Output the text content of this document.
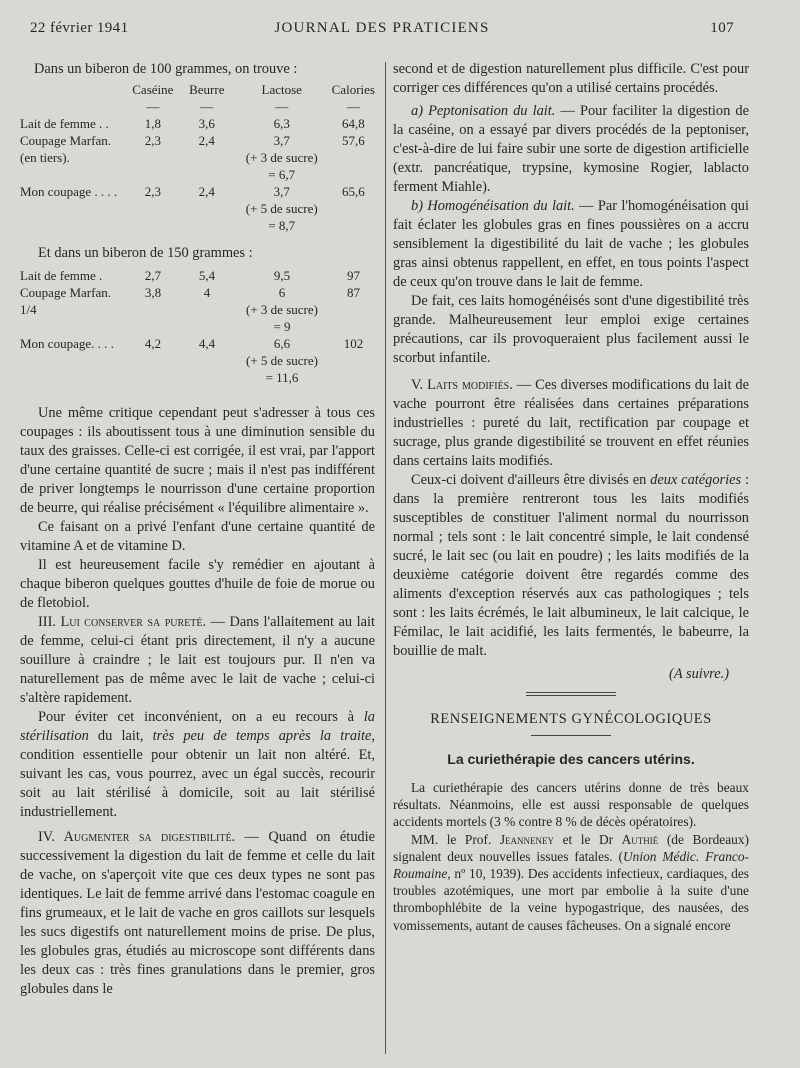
22 février 1941	JOURNAL DES PRATICIENS	107

Dans un biberon de 100 grammes, on trouve :

	Caséine	Beurre	Lactose	Calories
	—	—	—	—
Lait de femme . .	1,8	3,6	6,3	64,8
Coupage Marfan.	2,3	2,4	3,7	57,6
(en tiers).			(+ 3 de sucre)	
			= 6,7	
Mon coupage . . . .	2,3	2,4	3,7	65,6
			(+ 5 de sucre)	
			= 8,7	

Et dans un biberon de 150 grammes :

Lait de femme .	2,7	5,4	9,5	97
Coupage Marfan.	3,8	4	6	87
1/4			(+ 3 de sucre)	
			= 9	
Mon coupage. . . .	4,2	4,4	6,6	102
			(+ 5 de sucre)	
			= 11,6	

Une même critique cependant peut s'adresser à tous ces coupages : ils aboutissent tous à une diminution sensible du taux des graisses. Celle-ci est corrigée, il est vrai, par l'apport d'une certaine quantité de sucre ; mais il n'est pas indifférent de priver longtemps le nourrisson d'une certaine proportion de beurre, qui réalise précisément « l'équilibre alimentaire ».

Ce faisant on a privé l'enfant d'une certaine quantité de vitamine A et de vitamine D.

Il est heureusement facile s'y remédier en ajoutant à chaque biberon quelques gouttes d'huile de foie de morue ou de fletobiol.

III. Lui conserver sa pureté. — Dans l'allaitement au lait de femme, celui-ci étant pris directement, il n'y a aucune souillure à craindre ; le lait est toujours pur. Il n'en va naturellement pas de même avec le lait de vache ; celui-ci s'altère rapidement.

Pour éviter cet inconvénient, on a eu recours à la stérilisation du lait, très peu de temps après la traite, condition essentielle pour obtenir un lait non altéré. Et, suivant les cas, vous pourrez, avec un égal succès, recourir soit au lait stérilisé à domicile, soit au lait stérilisé industriellement.

IV. Augmenter sa digestibilité. — Quand on étudie successivement la digestion du lait de femme et celle du lait de vache, on s'aperçoit vite que ces deux types ne sont pas identiques. Le lait de femme arrivé dans l'estomac coagule en fins grumeaux, et le lait de vache en gros caillots sur lesquels les sucs digestifs ont naturellement moins de prise. De plus, les globules gras, étudiés au microscope sont différents dans les deux cas : très fines granulations dans le premier, gros globules dans le

second et de digestion naturellement plus difficile. C'est pour corriger ces différences qu'on a utilisé certains procédés.

a) Peptonisation du lait. — Pour faciliter la digestion de la caséine, on a essayé par divers procédés de la peptoniser, c'est-à-dire de lui faire subir une sorte de digestion artificielle (extr. pancréatique, trypsine, kymosine Rogier, lablacto ferment Miahle).

b) Homogénéisation du lait. — Par l'homogénéisation qui fait éclater les globules gras en fines poussières on a accru sensiblement la digestibilité du lait de vache ; les globules gras ainsi obtenus rappellent, en effet, en tous points l'aspect de ceux qu'on trouve dans le lait de femme.

De fait, ces laits homogénéisés sont d'une digestibilité très grande. Malheureusement leur emploi exige certaines précautions, car ils provoqueraient plus facilement aussi le scorbut infantile.

V. Laits modifiés. — Ces diverses modifications du lait de vache pourront être réalisées dans certaines préparations industrielles : pureté du lait, rectification par coupage et sucrage, plus grande digestibilité se trouvent en effet réunies dans certains laits modifiés.

Ceux-ci doivent d'ailleurs être divisés en deux catégories : dans la première rentreront tous les laits modifiés susceptibles de constituer l'aliment normal du nourrisson normal ; tels sont : le lait concentré simple, le lait condensé sucré, le lait sec (ou lait en poudre) ; les laits modifiés de la deuxième catégorie doivent être regardés comme des aliments d'exception réservés aux cas pathologiques ; tels sont : les laits écrémés, le lait albumineux, le lait calcique, le Fémilac, le lait acidifié, les laits fermentés, le babeurre, la bouillie de malt.

(A suivre.)

RENSEIGNEMENTS GYNÉCOLOGIQUES

La curiethérapie des cancers utérins.

La curiethérapie des cancers utérins donne de très beaux résultats. Néanmoins, elle est aussi responsable de quelques accidents mortels (3 % contre 8 % de décès opératoires).

MM. le Prof. Jeanneney et le Dr Authié (de Bordeaux) signalent deux nouvelles issues fatales. (Union Médic. Franco-Roumaine, nº 10, 1939). Des accidents infectieux, cardiaques, des troubles azotémiques, une mort par embolie à la suite d'une thrombophlébite de la veine hypogastrique, des nausées, des vomissements, autant de causes fâcheuses. On a signalé encore
